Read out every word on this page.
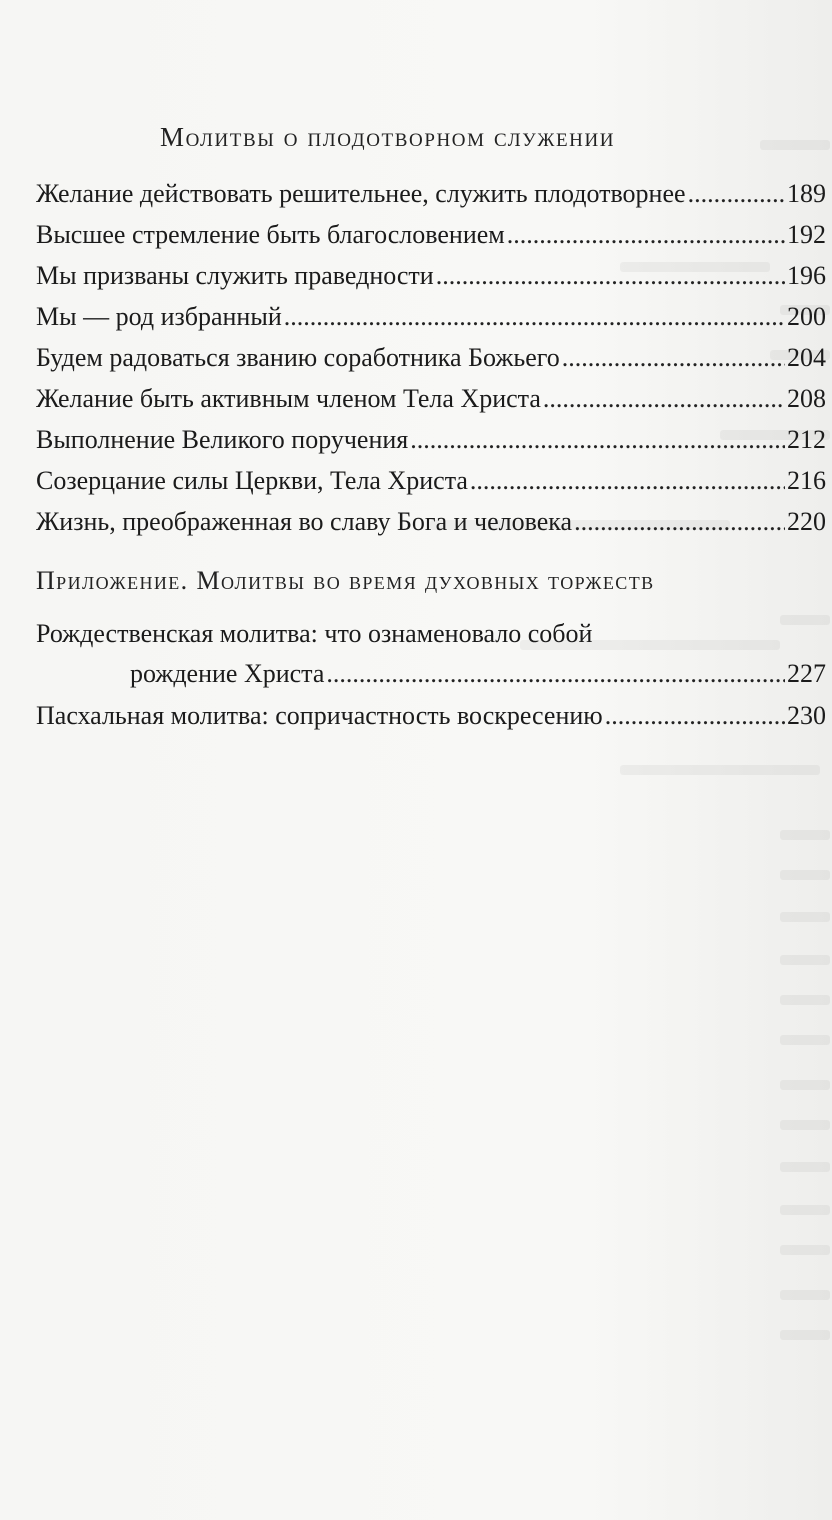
Молитвы о плодотворном служении
Желание действовать решительнее, служить плодотворнее .....	189
Высшее стремление быть благословением .....	192
Мы призваны служить праведности .....	196
Мы — род избранный .....	200
Будем радоваться званию соработника Божьего .....	204
Желание быть активным членом Тела Христа .....	208
Выполнение Великого поручения .....	212
Созерцание силы Церкви, Тела Христа .....	216
Жизнь, преображенная во славу Бога и человека .....	220
Приложение. Молитвы во время духовных торжеств
Рождественская молитва: что ознаменовало собой
рождение Христа .....	227
Пасхальная молитва: сопричастность воскресению .....	230
